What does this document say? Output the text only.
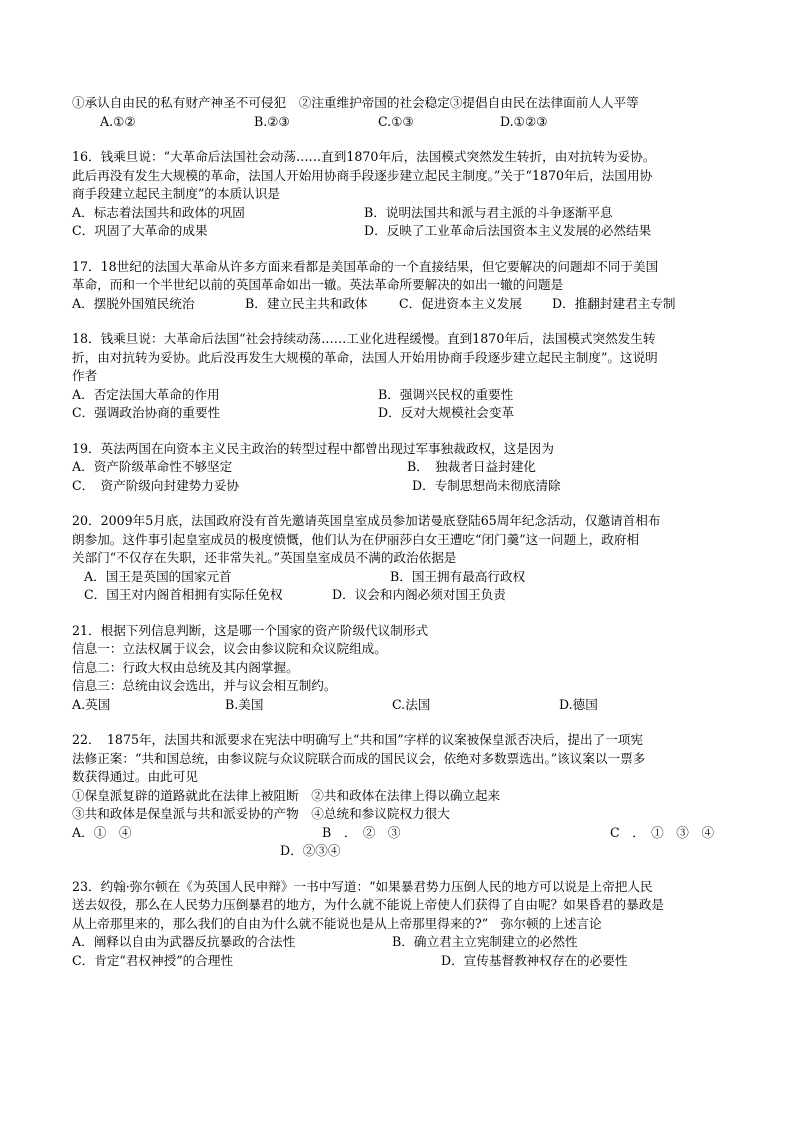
①承认自由民的私有财产神圣不可侵犯　②注重维护帝国的社会稳定③提倡自由民在法律面前人人平等
A.①②	B.②③	C.①③	D.①②③
16．钱乘旦说：“大革命后法国社会动荡……直到1870年后，法国模式突然发生转折，由对抗转为妥协。
此后再没有发生大规模的革命，法国人开始用协商手段逐步建立起民主制度。”关于“1870年后，法国用协
商手段建立起民主制度”的本质认识是
A．标志着法国共和政体的巩固	B．说明法国共和派与君主派的斗争逐渐平息
C．巩固了大革命的成果	D．反映了工业革命后法国资本主义发展的必然结果
17．18世纪的法国大革命从许多方面来看都是美国革命的一个直接结果，但它要解决的问题却不同于美国
革命，而和一个半世纪以前的英国革命如出一辙。英法革命所要解决的如出一辙的问题是
A．摆脱外国殖民统治	B．建立民主共和政体	C．促进资本主义发展	D．推翻封建君主专制
18．钱乘旦说：大革命后法国“社会持续动荡……工业化进程缓慢。直到1870年后，法国模式突然发生转
折，由对抗转为妥协。此后没再发生大规模的革命，法国人开始用协商手段逐步建立起民主制度”。这说明
作者
A．否定法国大革命的作用	B．强调兴民权的重要性
C．强调政治协商的重要性	D．反对大规模社会变革
19．英法两国在向资本主义民主政治的转型过程中都曾出现过军事独裁政权，这是因为
A．资产阶级革命性不够坚定	B．　独裁者日益封建化
C．　资产阶级向封建势力妥协	D．专制思想尚未彻底清除
20．2009年5月底，法国政府没有首先邀请英国皇室成员参加诺曼底登陆65周年纪念活动，仅邀请首相布
朗参加。这件事引起皇室成员的极度愤慨，他们认为在伊丽莎白女王遭吃“闭门羹”这一问题上，政府相
关部门“不仅存在失职，还非常失礼。”英国皇室成员不满的政治依据是
A．国王是英国的国家元首	B．国王拥有最高行政权
C．国王对内阁首相拥有实际任免权	D．议会和内阁必须对国王负责
21．根据下列信息判断，这是哪一个国家的资产阶级代议制形式
信息一：立法权属于议会，议会由参议院和众议院组成。
信息二：行政大权由总统及其内阁掌握。
信息三：总统由议会选出，并与议会相互制约。
A.英国	B.美国	C.法国	D.德国
22．　1875年，法国共和派要求在宪法中明确写上“共和国”字样的议案被保皇派否决后，提出了一项宪
法修正案：“共和国总统，由参议院与众议院联合而成的国民议会，依绝对多数票选出。”该议案以一票多
数获得通过。由此可见
①保皇派复辟的道路就此在法律上被阻断　②共和政体在法律上得以确立起来
③共和政体是保皇派与共和派妥协的产物　④总统和参议院权力很大
A．①　④	B　．　②　③	C　．　①　③　④
D．②③④
23．约翰·弥尔顿在《为英国人民申辩》一书中写道：“如果暴君势力压倒人民的地方可以说是上帝把人民
送去奴役，那么在人民势力压倒暴君的地方，为什么就不能说上帝使人们获得了自由呢？如果昏君的暴政是
从上帝那里来的，那么我们的自由为什么就不能说也是从上帝那里得来的?”　弥尔顿的上述言论
A．阐释以自由为武器反抗暴政的合法性	B．确立君主立宪制建立的必然性
C．肯定“君权神授”的合理性	D．宣传基督教神权存在的必要性
